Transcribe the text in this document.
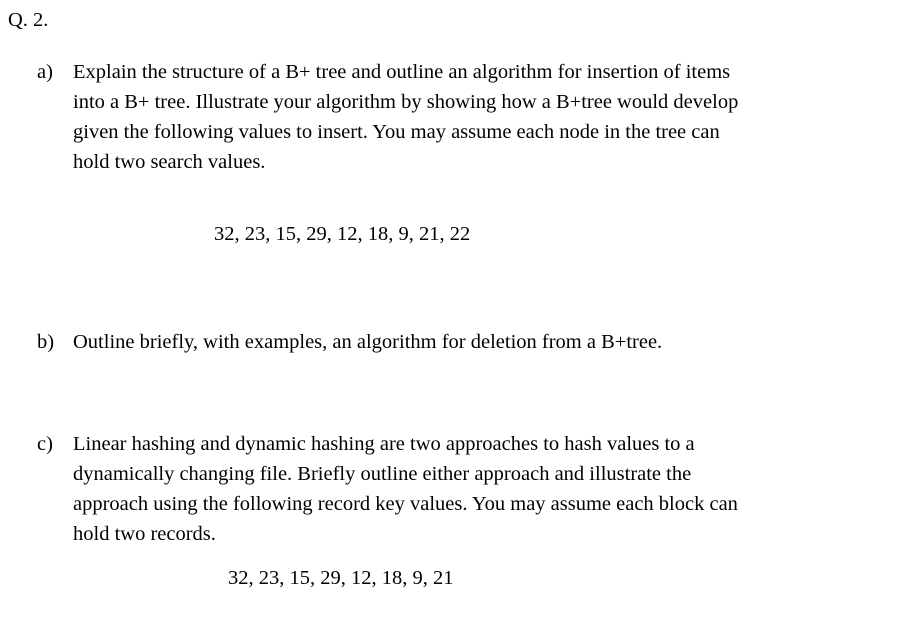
Q. 2.
a) Explain the structure of a B+ tree and outline an algorithm for insertion of items
into a B+ tree. Illustrate your algorithm by showing how a B+tree would develop
given the following values to insert. You may assume each node in the tree can
hold two search values.
32, 23, 15, 29, 12, 18, 9, 21, 22
b) Outline briefly, with examples, an algorithm for deletion from a B+tree.
c) Linear hashing and dynamic hashing are two approaches to hash values to a
dynamically changing file. Briefly outline either approach and illustrate the
approach using the following record key values. You may assume each block can
hold two records.
32, 23, 15, 29, 12, 18, 9, 21
